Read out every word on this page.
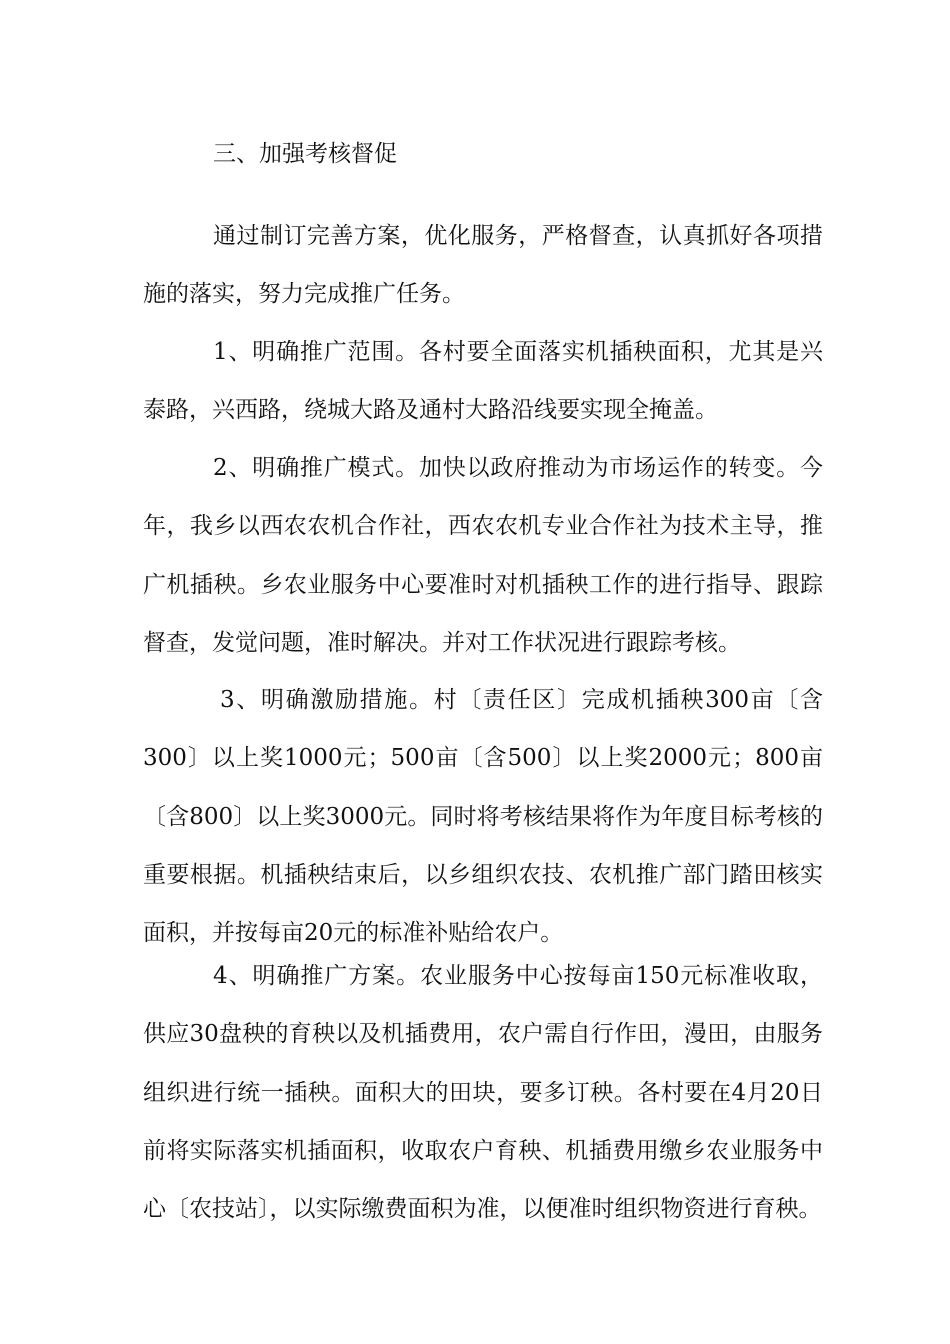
三、加强考核督促

通过制订完善方案，优化服务，严格督查，认真抓好各项措施的落实，努力完成推广任务。

1、明确推广范围。各村要全面落实机插秧面积，尤其是兴泰路，兴西路，绕城大路及通村大路沿线要实现全掩盖。

2、明确推广模式。加快以政府推动为市场运作的转变。今年，我乡以西农农机合作社，西农农机专业合作社为技术主导，推广机插秧。乡农业服务中心要准时对机插秧工作的进行指导、跟踪督查，发觉问题，准时解决。并对工作状况进行跟踪考核。

3、明确激励措施。村〔责任区〕完成机插秧300亩〔含300〕以上奖1000元；500亩〔含500〕以上奖2000元；800亩〔含800〕以上奖3000元。同时将考核结果将作为年度目标考核的重要根据。机插秧结束后，以乡组织农技、农机推广部门踏田核实面积，并按每亩20元的标准补贴给农户。

4、明确推广方案。农业服务中心按每亩150元标准收取，供应30盘秧的育秧以及机插费用，农户需自行作田，漫田，由服务组织进行统一插秧。面积大的田块，要多订秧。各村要在4月20日前将实际落实机插面积，收取农户育秧、机插费用缴乡农业服务中心〔农技站〕，以实际缴费面积为准，以便准时组织物资进行育秧。
